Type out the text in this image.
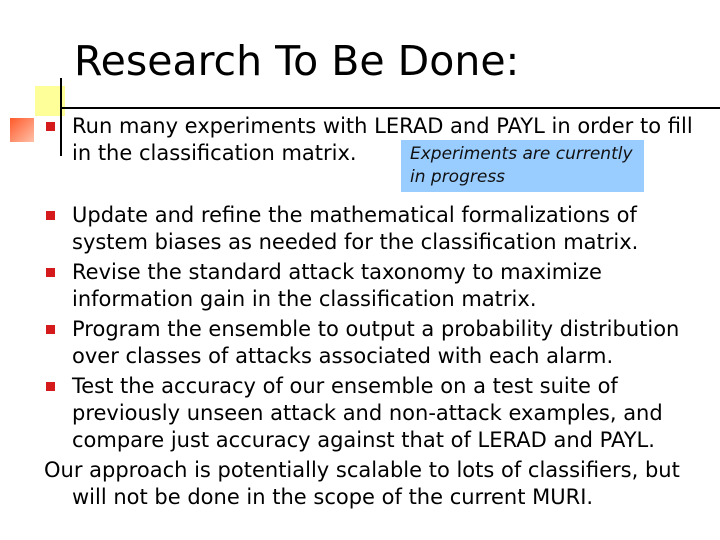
Research To Be Done:
Run many experiments with LERAD and PAYL in order to fill
in the classification matrix.	Experiments are currently
in progress
Update and refine the mathematical formalizations of
system biases as needed for the classification matrix.
Revise the standard attack taxonomy to maximize
information gain in the classification matrix.
Program the ensemble to output a probability distribution
over classes of attacks associated with each alarm.
Test the accuracy of our ensemble on a test suite of
previously unseen attack and non-attack examples, and
compare just accuracy against that of LERAD and PAYL.
Our approach is potentially scalable to lots of classifiers, but
will not be done in the scope of the current MURI.
